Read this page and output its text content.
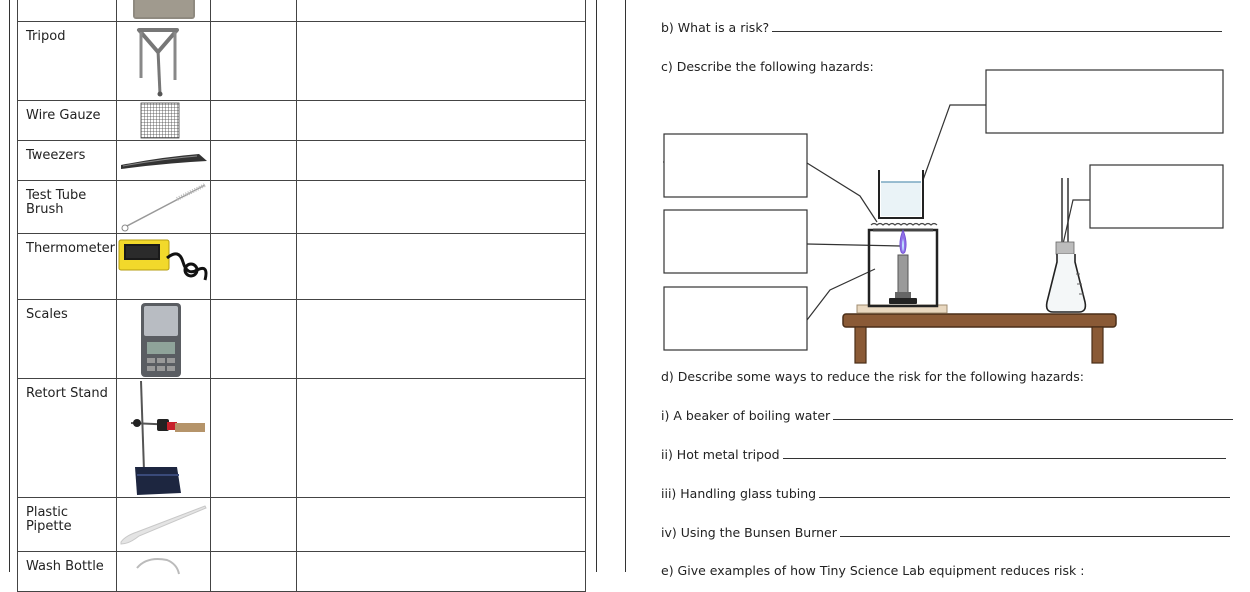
Tripod	

Wire Gauze	

Tweezers	

Test Tube Brush	

Thermometer	

Scales	

Retort Stand	

Plastic Pipette	

Wash Bottle	

b) What is a risk?
c) Describe the following hazards:
d) Describe some ways to reduce the risk for the following hazards:
i) A beaker of boiling water
ii) Hot metal tripod
iii) Handling glass tubing
iv) Using the Bunsen Burner
e) Give examples of how Tiny Science Lab equipment reduces risk :
